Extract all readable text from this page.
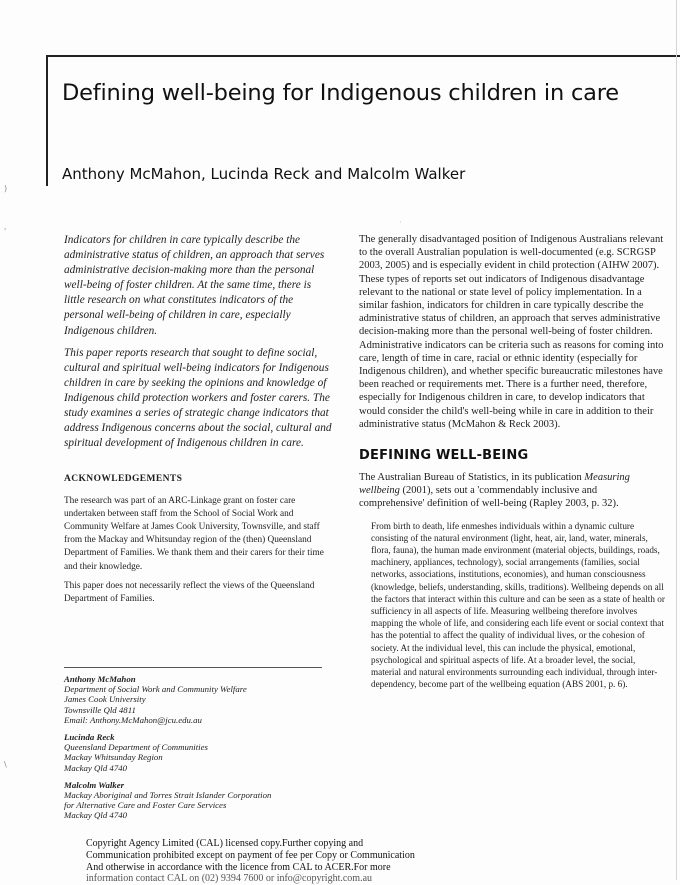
Defining well-being for Indigenous children in care
Anthony McMahon, Lucinda Reck and Malcolm Walker

Indicators for children in care typically describe the administrative status of children, an approach that serves administrative decision-making more than the personal well-being of foster children. At the same time, there is little research on what constitutes indicators of the personal well-being of children in care, especially Indigenous children.

This paper reports research that sought to define social, cultural and spiritual well-being indicators for Indigenous children in care by seeking the opinions and knowledge of Indigenous child protection workers and foster carers. The study examines a series of strategic change indicators that address Indigenous concerns about the social, cultural and spiritual development of Indigenous children in care.

ACKNOWLEDGEMENTS

The research was part of an ARC-Linkage grant on foster care undertaken between staff from the School of Social Work and Community Welfare at James Cook University, Townsville, and staff from the Mackay and Whitsunday region of the (then) Queensland Department of Families. We thank them and their carers for their time and their knowledge.

This paper does not necessarily reflect the views of the Queensland Department of Families.

Anthony McMahon
Department of Social Work and Community Welfare
James Cook University
Townsville Qld 4811
Email: Anthony.McMahon@jcu.edu.au
Lucinda Reck
Queensland Department of Communities
Mackay Whitsunday Region
Mackay Qld 4740
Malcolm Walker
Mackay Aboriginal and Torres Strait Islander Corporation
for Alternative Care and Foster Care Services
Mackay Qld 4740

The generally disadvantaged position of Indigenous Australians relevant to the overall Australian population is well-documented (e.g. SCRGSP 2003, 2005) and is especially evident in child protection (AIHW 2007). These types of reports set out indicators of Indigenous disadvantage relevant to the national or state level of policy implementation. In a similar fashion, indicators for children in care typically describe the administrative status of children, an approach that serves administrative decision-making more than the personal well-being of foster children. Administrative indicators can be criteria such as reasons for coming into care, length of time in care, racial or ethnic identity (especially for Indigenous children), and whether specific bureaucratic milestones have been reached or requirements met. There is a further need, therefore, especially for Indigenous children in care, to develop indicators that would consider the child's well-being while in care in addition to their administrative status (McMahon & Reck 2003).

DEFINING WELL-BEING

The Australian Bureau of Statistics, in its publication Measuring wellbeing (2001), sets out a 'commendably inclusive and comprehensive' definition of well-being (Rapley 2003, p. 32).

From birth to death, life enmeshes individuals within a dynamic culture consisting of the natural environment (light, heat, air, land, water, minerals, flora, fauna), the human made environment (material objects, buildings, roads, machinery, appliances, technology), social arrangements (families, social networks, associations, institutions, economies), and human consciousness (knowledge, beliefs, understanding, skills, traditions). Wellbeing depends on all the factors that interact within this culture and can be seen as a state of health or sufficiency in all aspects of life. Measuring wellbeing therefore involves mapping the whole of life, and considering each life event or social context that has the potential to affect the quality of individual lives, or the cohesion of society. At the individual level, this can include the physical, emotional, psychological and spiritual aspects of life. At a broader level, the social, material and natural environments surrounding each individual, through inter-dependency, become part of the wellbeing equation (ABS 2001, p. 6).

Copyright Agency Limited (CAL) licensed copy.Further copying and
Communication prohibited except on payment of fee per Copy or Communication
And otherwise in accordance with the licence from CAL to ACER.For more
information contact CAL on (02) 9394 7600 or info@copyright.com.au
)
'
\
·
